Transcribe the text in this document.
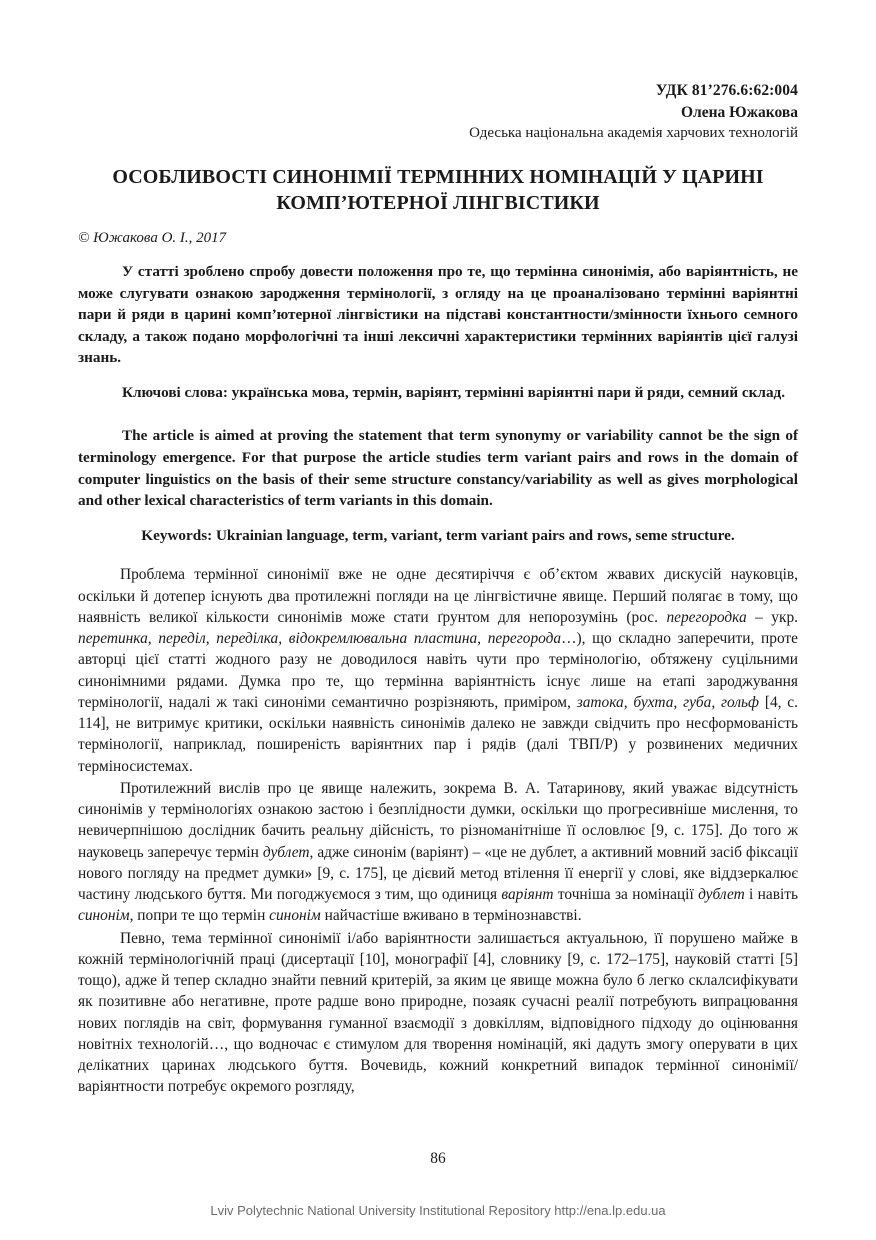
УДК 81’276.6:62:004
Олена Южакова
Одеська національна академія харчових технологій
ОСОБЛИВОСТІ СИНОНІМІЇ ТЕРМІННИХ НОМІНАЦІЙ У ЦАРИНІ КОМП’ЮТЕРНОЇ ЛІНГВІСТИКИ
© Южакова О. І., 2017

У статті зроблено спробу довести положення про те, що термінна синонімія, або варіянтність, не може слугувати ознакою зародження термінології, з огляду на це проаналізовано термінні варіянтні пари й ряди в царині комп’ютерної лінгвістики на підставі константности/змінности їхнього семного складу, а також подано морфологічні та інші лексичні характеристики термінних варіянтів цієї галузі знань.

Ключові слова: українська мова, термін, варіянт, термінні варіянтні пари й ряди, семний склад.

The article is aimed at proving the statement that term synonymy or variability cannot be the sign of terminology emergence. For that purpose the article studies term variant pairs and rows in the domain of computer linguistics on the basis of their seme structure constancy/variability as well as gives morphological and other lexical characteristics of term variants in this domain.

Keywords: Ukrainian language, term, variant, term variant pairs and rows, seme structure.

Проблема термінної синонімії вже не одне десятиріччя є об’єктом жвавих дискусій науковців, оскільки й дотепер існують два протилежні погляди на це лінгвістичне явище. Перший полягає в тому, що наявність великої кількости синонімів може стати ґрунтом для непорозумінь (рос. перегородка – укр. перетинка, переділ, переділка, відокремлювальна пластина, перегорода…), що складно заперечити, проте авторці цієї статті жодного разу не доводилося навіть чути про термінологію, обтяжену суцільними синонімними рядами. Думка про те, що термінна варіянтність існує лише на етапі зароджування термінології, надалі ж такі синоніми семантично розрізняють, приміром, затока, бухта, губа, гольф [4, с. 114], не витримує критики, оскільки наявність синонімів далеко не завжди свідчить про несформованість термінології, наприклад, поширеність варіянтних пар і рядів (далі ТВП/Р) у розвинених медичних терміносистемах.

Протилежний вислів про це явище належить, зокрема В. А. Татаринову, який уважає відсутність синонімів у термінологіях ознакою застою і безплідности думки, оскільки що прогресивніше мислення, то невичерпнішою дослідник бачить реальну дійсність, то різноманітніше її ословлює [9, с. 175]. До того ж науковець заперечує термін дублет, адже синонім (варіянт) – «це не дублет, а активний мовний засіб фіксації нового погляду на предмет думки» [9, с. 175], це дієвий метод втілення її енергії у слові, яке віддзеркалює частину людського буття. Ми погоджуємося з тим, що одиниця варіянт точніша за номінації дублет і навіть синонім, попри те що термін синонім найчастіше вживано в термінознавстві.

Певно, тема термінної синонімії і/або варіянтности залишається актуальною, її порушено майже в кожній термінологічній праці (дисертації [10], монографії [4], словнику [9, с. 172–175], науковій статті [5] тощо), адже й тепер складно знайти певний критерій, за яким це явище можна було б легко склалсифікувати як позитивне або негативне, проте радше воно природне, позаяк сучасні реалії потребують випрацювання нових поглядів на світ, формування гуманної взаємодії з довкіллям, відповідного підходу до оцінювання новітніх технологій…, що водночас є стимулом для творення номінацій, які дадуть змогу оперувати в цих делікатних царинах людського буття. Вочевидь, кожний конкретний випадок термінної синонімії/варіянтности потребує окремого розгляду,

86
Lviv Polytechnic National University Institutional Repository http://ena.lp.edu.ua
